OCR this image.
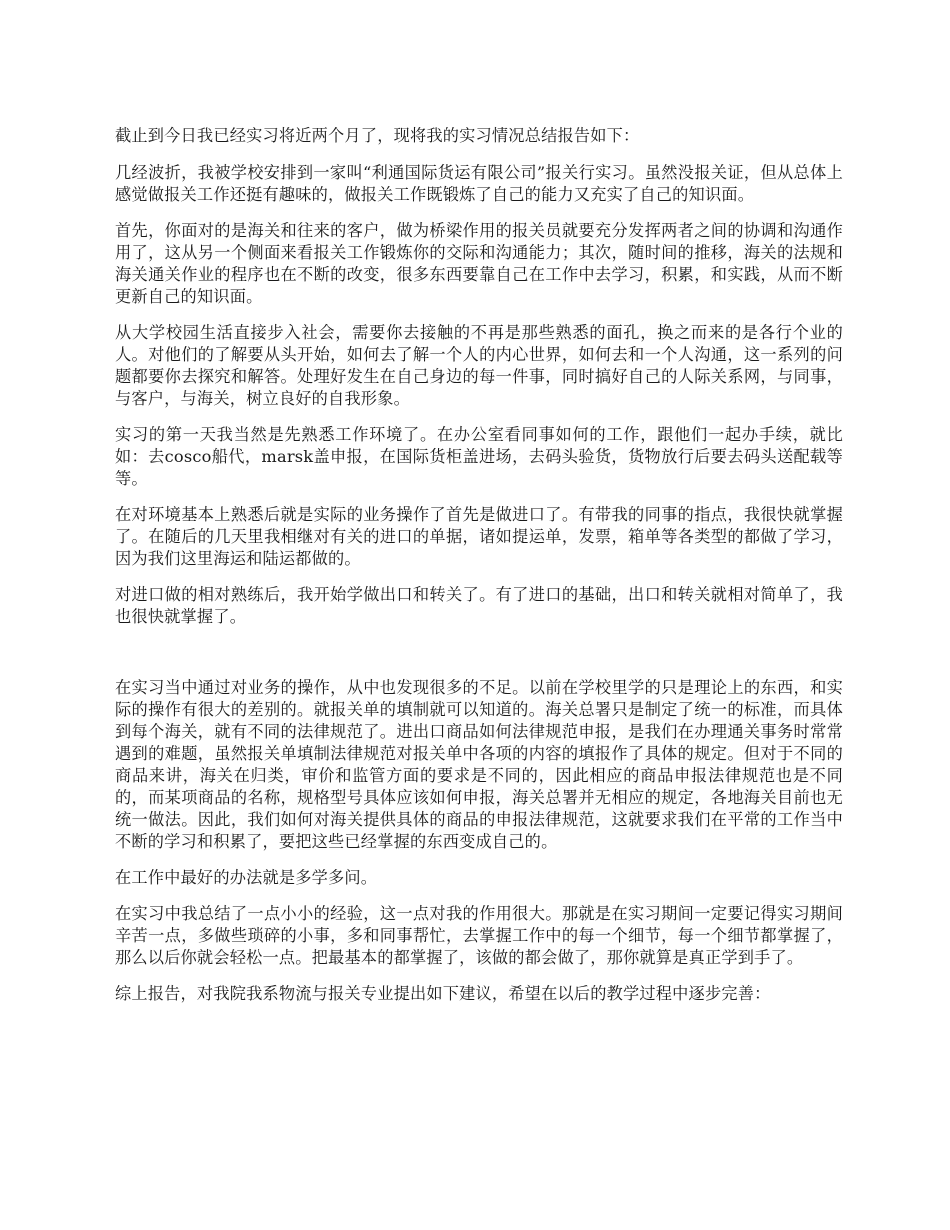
截止到今日我已经实习将近两个月了，现将我的实习情况总结报告如下：

几经波折，我被学校安排到一家叫“利通国际货运有限公司”报关行实习。虽然没报关证，但从总体上感觉做报关工作还挺有趣味的，做报关工作既锻炼了自己的能力又充实了自己的知识面。

首先，你面对的是海关和往来的客户，做为桥梁作用的报关员就要充分发挥两者之间的协调和沟通作用了，这从另一个侧面来看报关工作锻炼你的交际和沟通能力；其次，随时间的推移，海关的法规和海关通关作业的程序也在不断的改变，很多东西要靠自己在工作中去学习，积累，和实践，从而不断更新自己的知识面。

从大学校园生活直接步入社会，需要你去接触的不再是那些熟悉的面孔，换之而来的是各行个业的人。对他们的了解要从头开始，如何去了解一个人的内心世界，如何去和一个人沟通，这一系列的问题都要你去探究和解答。处理好发生在自己身边的每一件事，同时搞好自己的人际关系网，与同事，与客户，与海关，树立良好的自我形象。

实习的第一天我当然是先熟悉工作环境了。在办公室看同事如何的工作，跟他们一起办手续，就比如：去cosco船代，marsk盖申报，在国际货柜盖进场，去码头验货，货物放行后要去码头送配载等等。

在对环境基本上熟悉后就是实际的业务操作了首先是做进口了。有带我的同事的指点，我很快就掌握了。在随后的几天里我相继对有关的进口的单据，诸如提运单，发票，箱单等各类型的都做了学习，因为我们这里海运和陆运都做的。

对进口做的相对熟练后，我开始学做出口和转关了。有了进口的基础，出口和转关就相对简单了，我也很快就掌握了。

在实习当中通过对业务的操作，从中也发现很多的不足。以前在学校里学的只是理论上的东西，和实际的操作有很大的差别的。就报关单的填制就可以知道的。海关总署只是制定了统一的标准，而具体到每个海关，就有不同的法律规范了。进出口商品如何法律规范申报，是我们在办理通关事务时常常遇到的难题，虽然报关单填制法律规范对报关单中各项的内容的填报作了具体的规定。但对于不同的商品来讲，海关在归类，审价和监管方面的要求是不同的，因此相应的商品申报法律规范也是不同的，而某项商品的名称，规格型号具体应该如何申报，海关总署并无相应的规定，各地海关目前也无统一做法。因此，我们如何对海关提供具体的商品的申报法律规范，这就要求我们在平常的工作当中不断的学习和积累了，要把这些已经掌握的东西变成自己的。

在工作中最好的办法就是多学多问。

在实习中我总结了一点小小的经验，这一点对我的作用很大。那就是在实习期间一定要记得实习期间辛苦一点，多做些琐碎的小事，多和同事帮忙，去掌握工作中的每一个细节，每一个细节都掌握了，那么以后你就会轻松一点。把最基本的都掌握了，该做的都会做了，那你就算是真正学到手了。

综上报告，对我院我系物流与报关专业提出如下建议，希望在以后的教学过程中逐步完善：
